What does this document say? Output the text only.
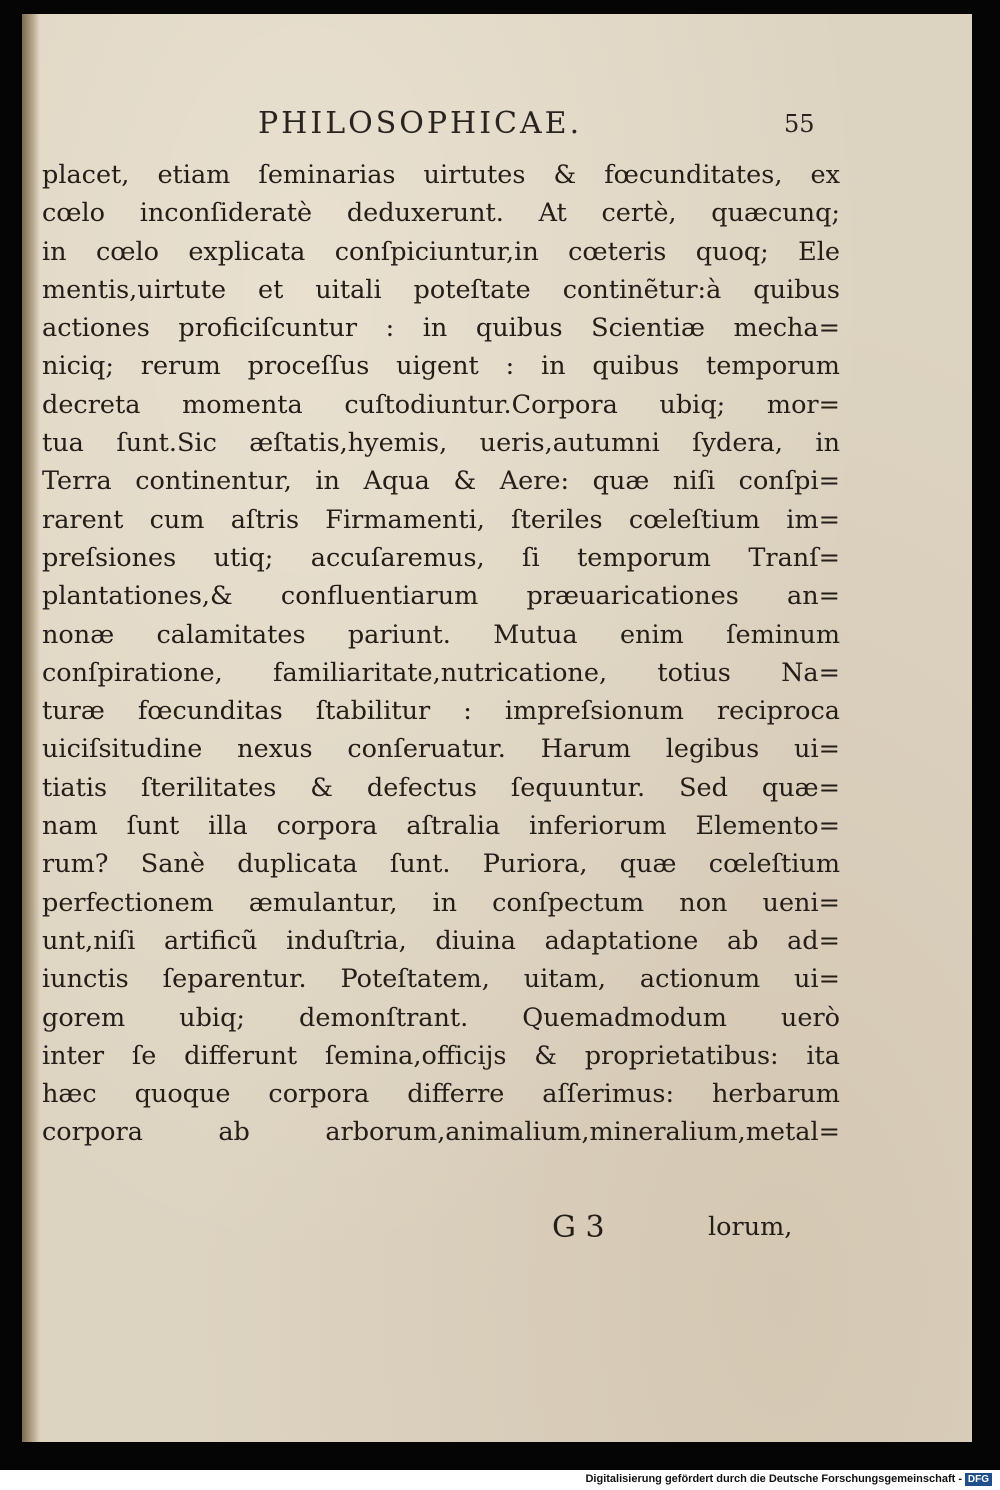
PHILOSOPHICAE.	55
placet, etiam ſeminarias uirtutes & fœcunditates, ex
cœlo inconſideratè deduxerunt. At certè, quæcunq;
in cœlo explicata conſpiciuntur,in cœteris quoq; Ele
mentis,uirtute et uitali poteſtate continẽtur:à quibus
actiones proficiſcuntur : in quibus Scientiæ mecha=
niciq; rerum proceſſus uigent : in quibus temporum
decreta momenta cuſtodiuntur.Corpora ubiq; mor=
tua ſunt.Sic æſtatis,hyemis, ueris,autumni ſydera, in
Terra continentur, in Aqua & Aere: quæ niſi conſpi=
rarent cum aſtris Firmamenti, ſteriles cœleſtium im=
preſsiones utiq; accuſaremus, ſi temporum Tranſ=
plantationes,& confluentiarum præuaricationes an=
nonæ calamitates pariunt. Mutua enim ſeminum
conſpiratione, familiaritate,nutricatione, totius Na=
turæ fœcunditas ſtabilitur : impreſsionum reciproca
uiciſsitudine nexus conſeruatur. Harum legibus ui=
tiatis ſterilitates & defectus ſequuntur. Sed quæ=
nam ſunt illa corpora aſtralia inferiorum Elemento=
rum? Sanè duplicata ſunt. Puriora, quæ cœleſtium
perfectionem æmulantur, in conſpectum non ueni=
unt,niſi artificũ induſtria, diuina adaptatione ab ad=
iunctis ſeparentur. Poteſtatem, uitam, actionum ui=
gorem ubiq; demonſtrant. Quemadmodum uerò
inter ſe differunt ſemina,officijs & proprietatibus: ita
hæc quoque corpora differre aſſerimus: herbarum
corpora ab arborum,animalium,mineralium,metal=
G 3	lorum,
Digitalisierung gefördert durch die Deutsche Forschungsgemeinschaft - DFG
